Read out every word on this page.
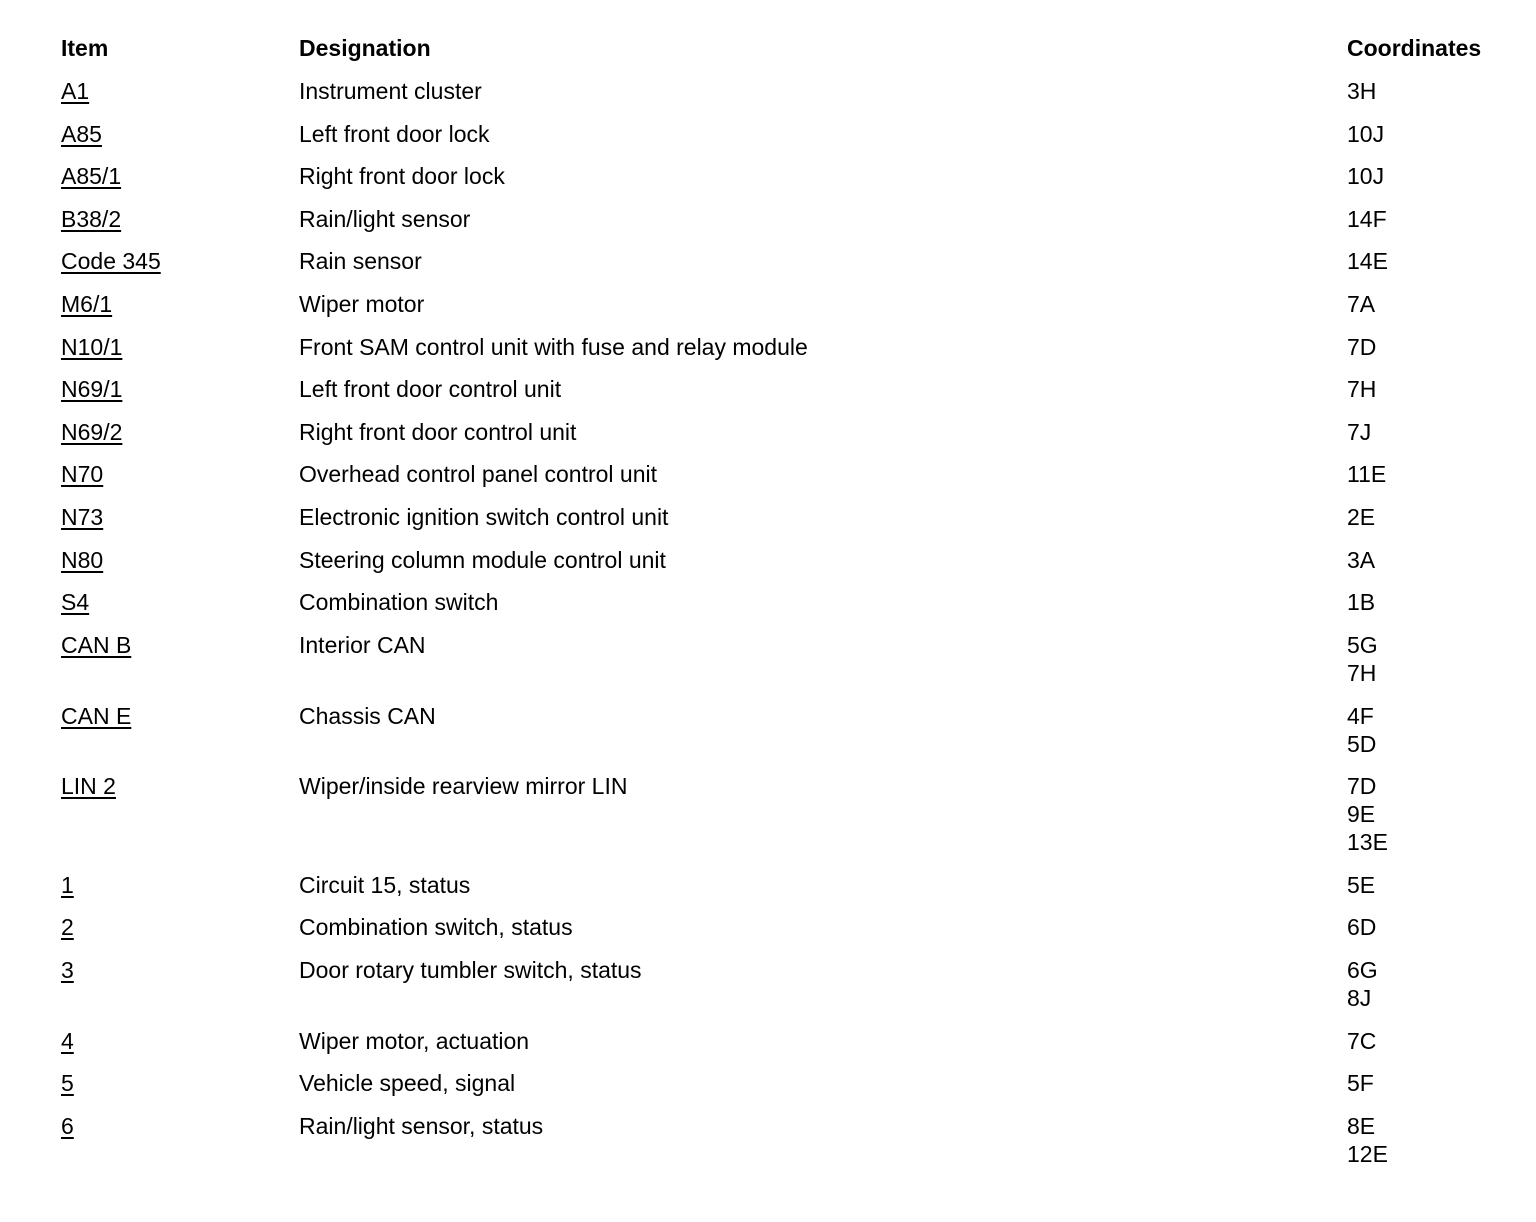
Item	Designation	Coordinates
A1	Instrument cluster	3H
A85	Left front door lock	10J
A85/1	Right front door lock	10J
B38/2	Rain/light sensor	14F
Code 345	Rain sensor	14E
M6/1	Wiper motor	7A
N10/1	Front SAM control unit with fuse and relay module	7D
N69/1	Left front door control unit	7H
N69/2	Right front door control unit	7J
N70	Overhead control panel control unit	11E
N73	Electronic ignition switch control unit	2E
N80	Steering column module control unit	3A
S4	Combination switch	1B
CAN B	Interior CAN	5G
7H
CAN E	Chassis CAN	4F
5D
LIN 2	Wiper/inside rearview mirror LIN	7D
9E
13E
1	Circuit 15, status	5E
2	Combination switch, status	6D
3	Door rotary tumbler switch, status	6G
8J
4	Wiper motor, actuation	7C
5	Vehicle speed, signal	5F
6	Rain/light sensor, status	8E
12E
